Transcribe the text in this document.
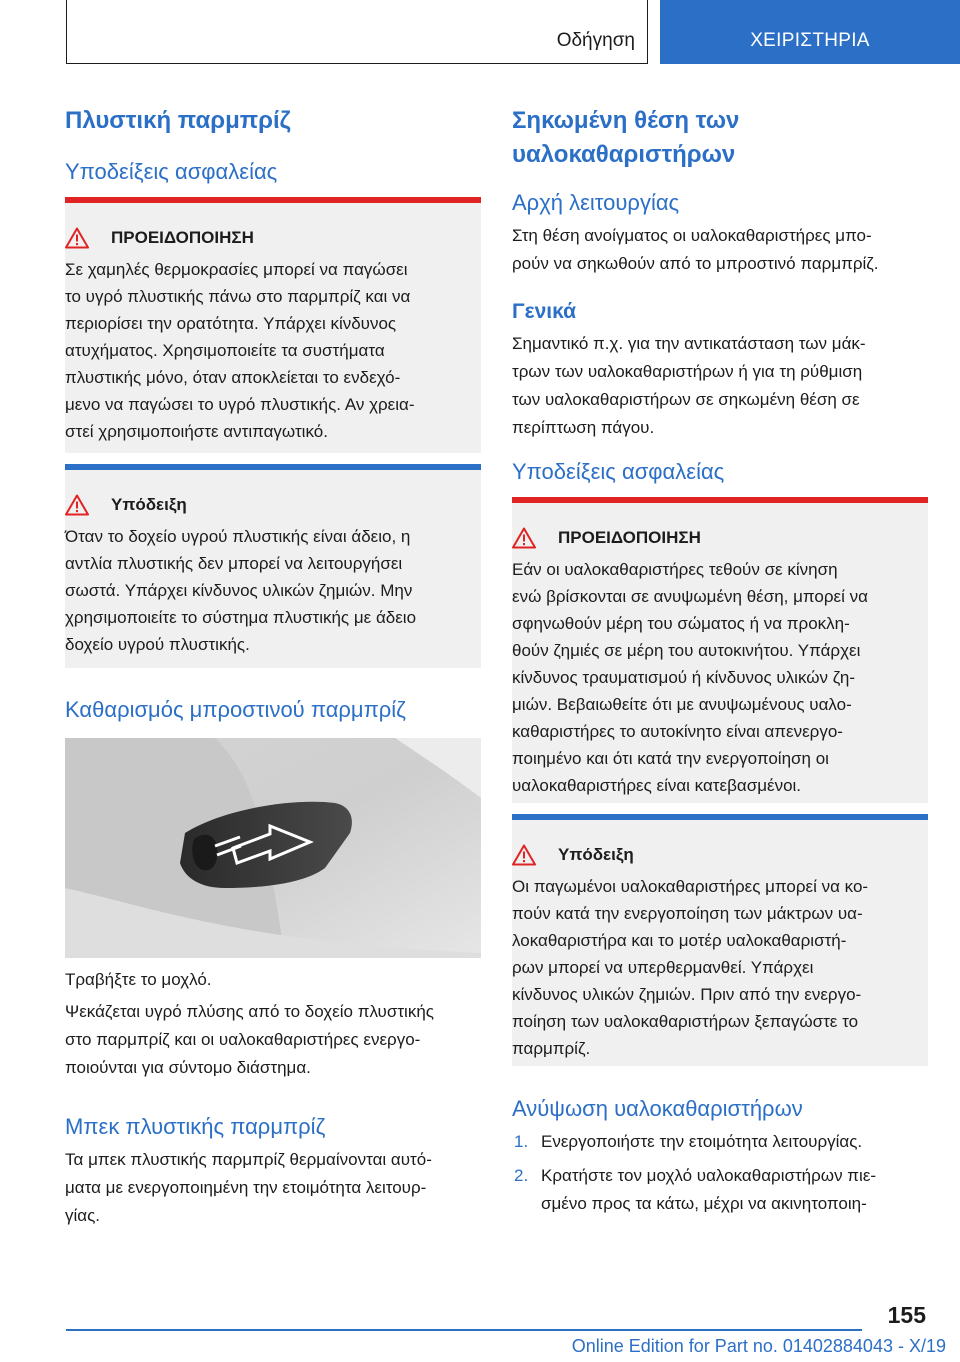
Οδήγηση	ΧΕΙΡΙΣΤΗΡΙΑ
Πλυστική παρμπρίζ
Υποδείξεις ασφαλείας
ΠΡΟΕΙΔΟΠΟΙΗΣΗ
Σε χαμηλές θερμοκρασίες μπορεί να παγώσει
το υγρό πλυστικής πάνω στο παρμπρίζ και να
περιορίσει την ορατότητα. Υπάρχει κίνδυνος
ατυχήματος. Χρησιμοποιείτε τα συστήματα
πλυστικής μόνο, όταν αποκλείεται το ενδεχό-
μενο να παγώσει το υγρό πλυστικής. Αν χρεια-
στεί χρησιμοποιήστε αντιπαγωτικό.
Υπόδειξη
Όταν το δοχείο υγρού πλυστικής είναι άδειο, η
αντλία πλυστικής δεν μπορεί να λειτουργήσει
σωστά. Υπάρχει κίνδυνος υλικών ζημιών. Μην
χρησιμοποιείτε το σύστημα πλυστικής με άδειο
δοχείο υγρού πλυστικής.
Καθαρισμός μπροστινού παρμπρίζ
Τραβήξτε το μοχλό.
Ψεκάζεται υγρό πλύσης από το δοχείο πλυστικής
στο παρμπρίζ και οι υαλοκαθαριστήρες ενεργο-
ποιούνται για σύντομο διάστημα.
Μπεκ πλυστικής παρμπρίζ
Τα μπεκ πλυστικής παρμπρίζ θερμαίνονται αυτό-
ματα με ενεργοποιημένη την ετοιμότητα λειτουρ-
γίας.
Σηκωμένη θέση των
υαλοκαθαριστήρων
Αρχή λειτουργίας
Στη θέση ανοίγματος οι υαλοκαθαριστήρες μπο-
ρούν να σηκωθούν από το μπροστινό παρμπρίζ.
Γενικά
Σημαντικό π.χ. για την αντικατάσταση των μάκ-
τρων των υαλοκαθαριστήρων ή για τη ρύθμιση
των υαλοκαθαριστήρων σε σηκωμένη θέση σε
περίπτωση πάγου.
Υποδείξεις ασφαλείας
ΠΡΟΕΙΔΟΠΟΙΗΣΗ
Εάν οι υαλοκαθαριστήρες τεθούν σε κίνηση
ενώ βρίσκονται σε ανυψωμένη θέση, μπορεί να
σφηνωθούν μέρη του σώματος ή να προκλη-
θούν ζημιές σε μέρη του αυτοκινήτου. Υπάρχει
κίνδυνος τραυματισμού ή κίνδυνος υλικών ζη-
μιών. Βεβαιωθείτε ότι με ανυψωμένους υαλο-
καθαριστήρες το αυτοκίνητο είναι απενεργο-
ποιημένο και ότι κατά την ενεργοποίηση οι
υαλοκαθαριστήρες είναι κατεβασμένοι.
Υπόδειξη
Οι παγωμένοι υαλοκαθαριστήρες μπορεί να κο-
πούν κατά την ενεργοποίηση των μάκτρων υα-
λοκαθαριστήρα και το μοτέρ υαλοκαθαριστή-
ρων μπορεί να υπερθερμανθεί. Υπάρχει
κίνδυνος υλικών ζημιών. Πριν από την ενεργο-
ποίηση των υαλοκαθαριστήρων ξεπαγώστε το
παρμπρίζ.
Ανύψωση υαλοκαθαριστήρων
1. Ενεργοποιήστε την ετοιμότητα λειτουργίας.
2. Κρατήστε τον μοχλό υαλοκαθαριστήρων πιε-
σμένο προς τα κάτω, μέχρι να ακινητοποιη-
155
Online Edition for Part no. 01402884043 - X/19
